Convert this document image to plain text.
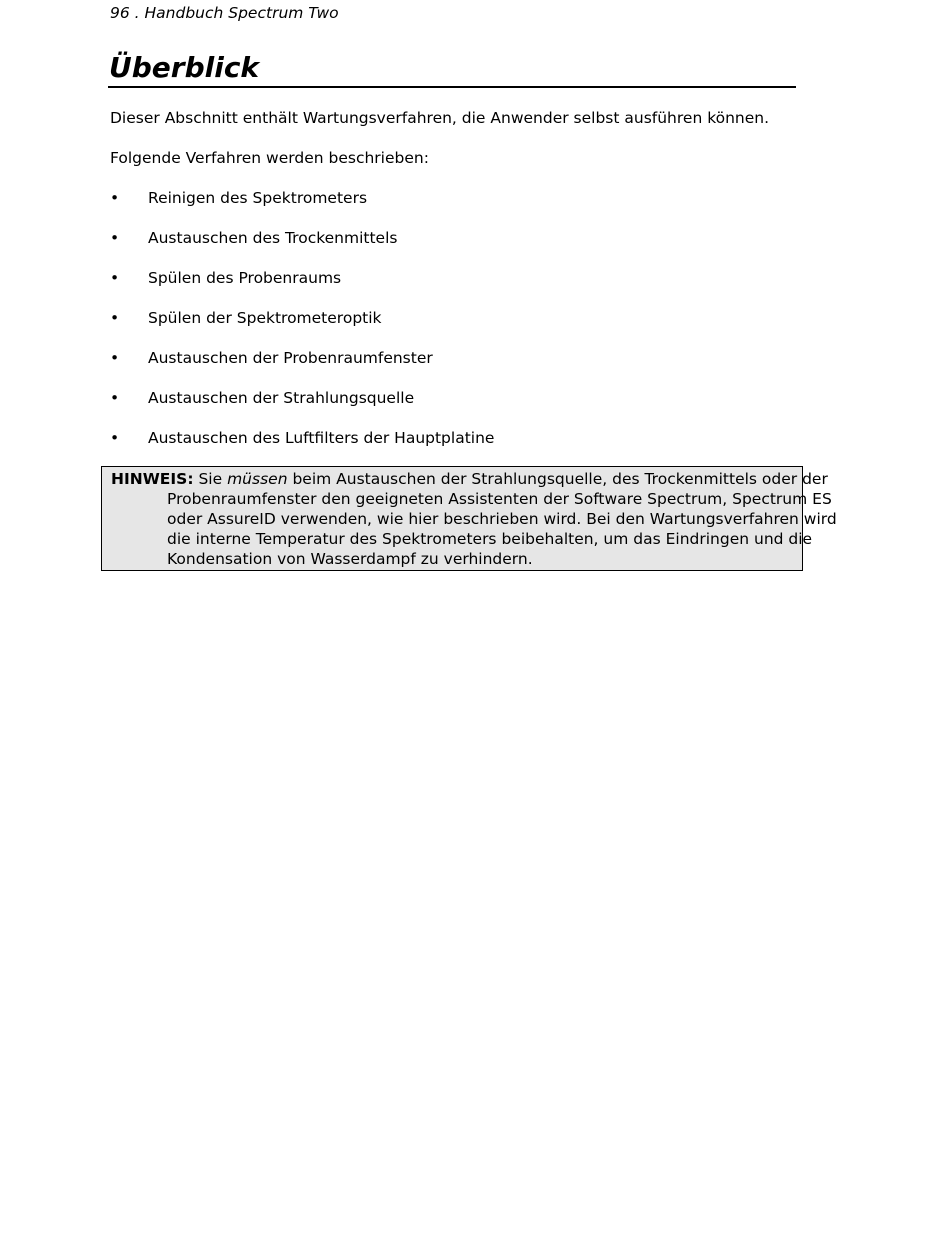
96 . Handbuch Spectrum Two
Überblick

Dieser Abschnitt enthält Wartungsverfahren, die Anwender selbst ausführen können.

Folgende Verfahren werden beschrieben:

•	Reinigen des Spektrometers
•	Austauschen des Trockenmittels
•	Spülen des Probenraums
•	Spülen der Spektrometeroptik
•	Austauschen der Probenraumfenster
•	Austauschen der Strahlungsquelle
•	Austauschen des Luftfilters der Hauptplatine

HINWEIS: Sie müssen beim Austauschen der Strahlungsquelle, des Trockenmittels oder der Probenraumfenster den geeigneten Assistenten der Software Spectrum, Spectrum ES oder AssureID verwenden, wie hier beschrieben wird. Bei den Wartungsverfahren wird die interne Temperatur des Spektrometers beibehalten, um das Eindringen und die Kondensation von Wasserdampf zu verhindern.
